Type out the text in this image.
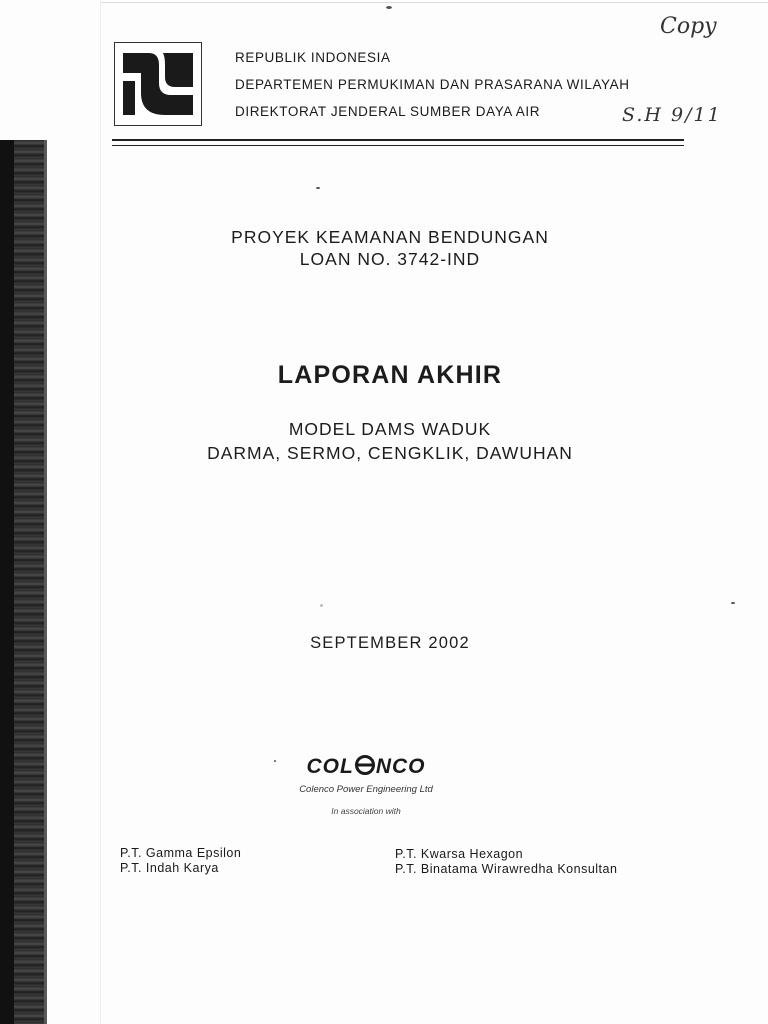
REPUBLIK INDONESIA
DEPARTEMEN PERMUKIMAN DAN PRASARANA WILAYAH
DIREKTORAT JENDERAL SUMBER DAYA AIR
Copy
S.H 9/11
PROYEK KEAMANAN BENDUNGAN
LOAN NO. 3742-IND
LAPORAN AKHIR
MODEL DAMS WADUK
DARMA, SERMO, CENGKLIK, DAWUHAN
SEPTEMBER 2002
COL NCO
Colenco Power Engineering Ltd
In association with
P.T. Gamma Epsilon
P.T. Indah Karya
P.T. Kwarsa Hexagon
P.T. Binatama Wirawredha Konsultan
